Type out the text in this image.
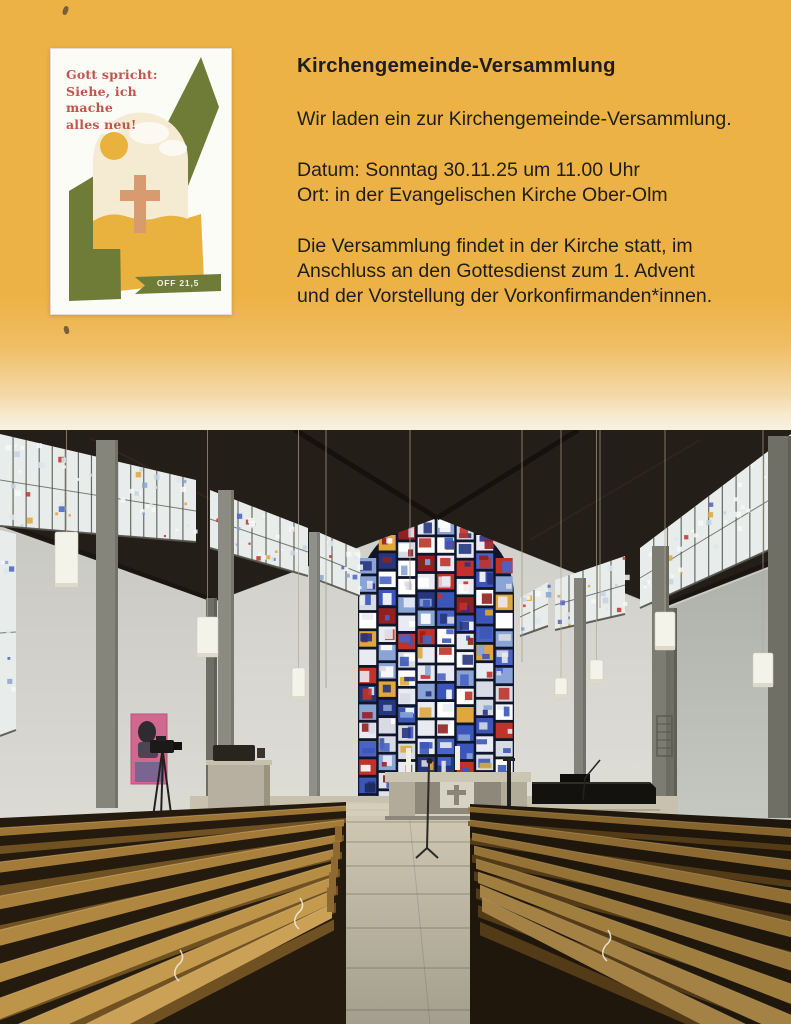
Gott spricht:
Siehe, ich mache
alles neu!
OFF 21,5
Kirchengemeinde-Versammlung
Wir laden ein zur Kirchengemeinde-Versammlung.
Datum: Sonntag 30.11.25 um 11.00 Uhr
Ort: in der Evangelischen Kirche Ober-Olm
Die Versammlung findet in der Kirche statt, im
Anschluss an den Gottesdienst zum 1. Advent
und der Vorstellung der Vorkonfirmanden*innen.
